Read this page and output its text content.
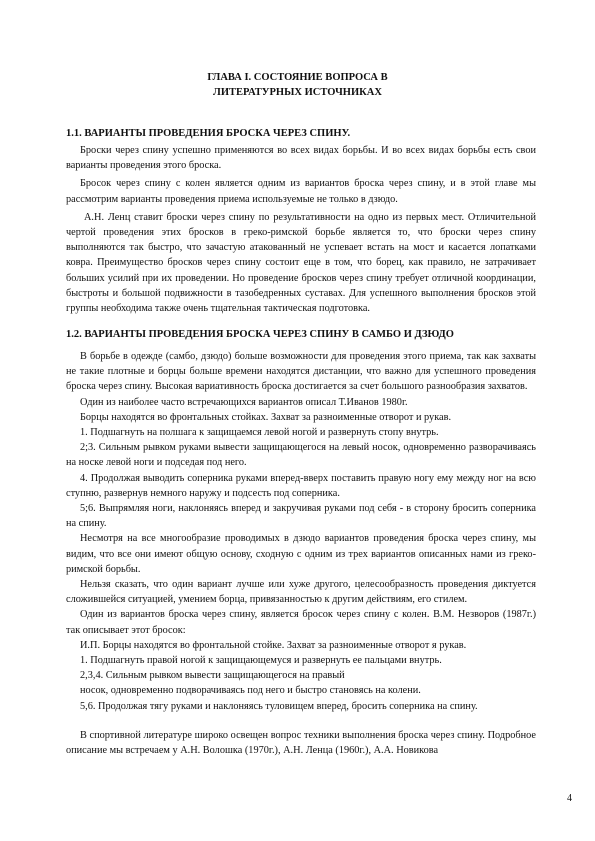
ГЛАВА I. СОСТОЯНИЕ ВОПРОСА В
ЛИТЕРАТУРНЫХ ИСТОЧНИКАХ
1.1. ВАРИАНТЫ ПРОВЕДЕНИЯ БРОСКА ЧЕРЕЗ СПИНУ.

Броски через спину успешно применяются во всех видах борьбы. И во всех видах борьбы есть свои варианты проведения этого броска.

Бросок через спину с колен является одним из вариантов броска через спину, и в этой главе мы рассмотрим варианты проведения приема используемые не только в дзюдо.

А.Н. Ленц ставит броски через спину по результативности на одно из первых мест. Отличительной чертой проведения этих бросков в греко-римской борьбе является то, что броски через спину выполняются так быстро, что зачастую атакованный не успевает встать на мост и касается лопатками ковра. Преимущество бросков через спину состоит еще в том, что борец, как правило, не затрачивает больших усилий при их проведении. Но проведение бросков через спину требует отличной координации, быстроты и большой подвижности в тазобедренных суставах. Для успешного выполнения бросков этой группы необходима также очень тщательная тактическая подготовка.

1.2. ВАРИАНТЫ ПРОВЕДЕНИЯ БРОСКА ЧЕРЕЗ СПИНУ В САМБО И ДЗЮДО

В борьбе в одежде (самбо, дзюдо) больше возможности для проведения этого приема, так как захваты не такие плотные и борцы больше времени находятся дистанции, что важно для успешного проведения броска через спину. Высокая вариативность броска достигается за счет большого разнообразия захватов.

Один из наиболее часто встречающихся вариантов описал Т.Иванов 1980г.

Борцы находятся во фронтальных стойках. Захват за разноименные отворот и рукав.

1. Подшагнуть на полшага к защищаемся левой ногой и развернуть стопу внутрь.

2;3. Сильным рывком руками вывести защищающегося на левый носок, одновременно разворачиваясь на носке левой ноги и подседая под него.

4. Продолжая выводить соперника руками вперед-вверх поставить правую ногу ему между ног на всю ступню, развернув немного наружу и подсесть под соперника.

5;6. Выпрямляя ноги, наклоняясь вперед и закручивая руками под себя - в сторону бросить соперника на спину.

Несмотря на все многообразие проводимых в дзюдо вариантов проведения броска через спину, мы видим, что все они имеют общую основу, сходную с одним из трех вариантов описанных нами из греко-римской борьбы.

Нельзя сказать, что один вариант лучше или хуже другого, целесообразность проведения диктуется сложившейся ситуацией, умением борца, привязанностью к другим действиям, его стилем.

Один из вариантов броска через спину, является бросок через спину с колен. В.М. Незворов (1987г.) так описывает этот бросок:

И.П. Борцы находятся во фронтальной стойке. Захват за разноименные отворот я рукав.

1. Подшагнуть правой ногой к защищающемуся и развернуть ее пальцами внутрь.

2,3,4. Сильным рывком вывести защищающегося на правый

носок, одновременно подворачиваясь под него и быстро становясь на колени.

5,6. Продолжая тягу руками и наклоняясь туловищем вперед, бросить соперника на спину.

В спортивной литературе широко освещен вопрос техники выполнения броска через спину. Подробное описание мы встречаем у А.Н. Волошка (1970г.), А.Н. Ленца (1960г.), А.А. Новикова

4
